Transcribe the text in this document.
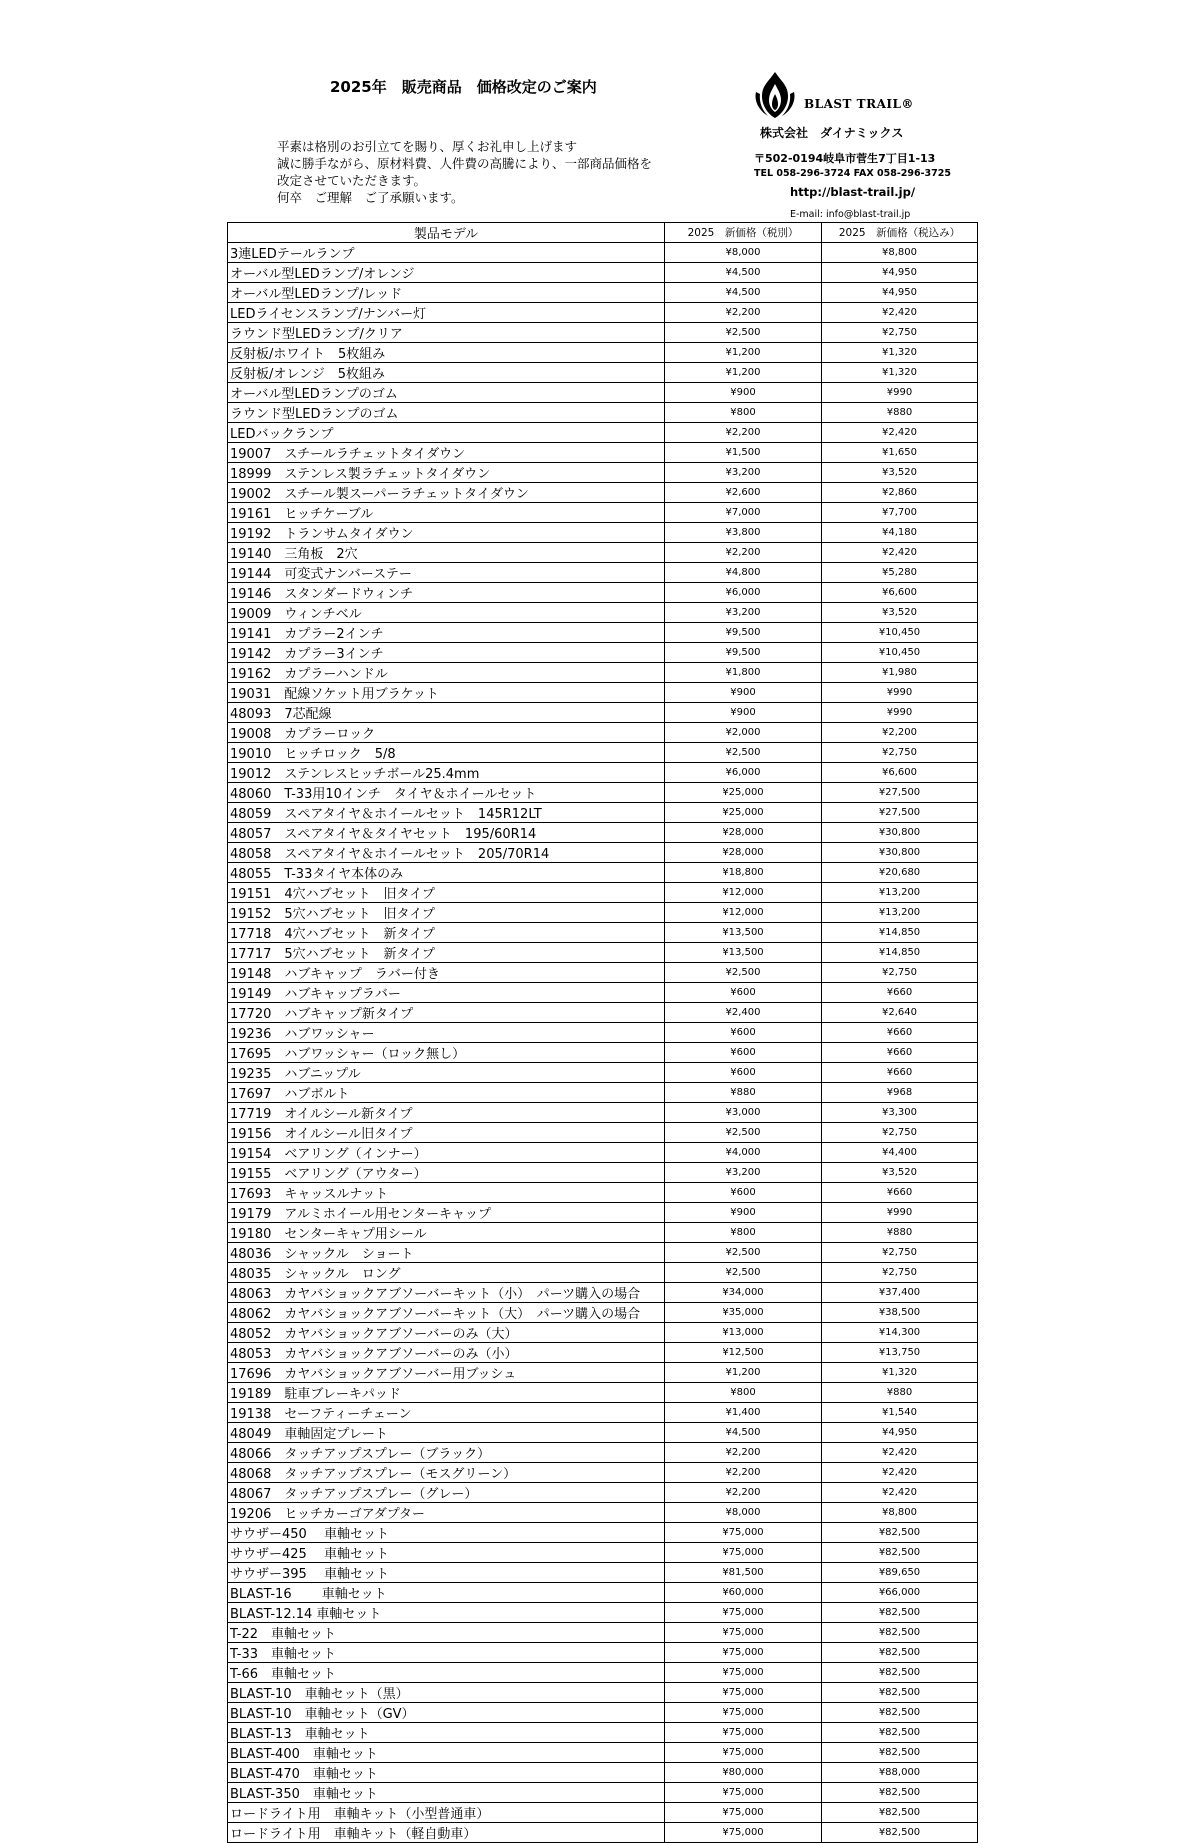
2025年　販売商品　価格改定のご案内
平素は格別のお引立てを賜り、厚くお礼申し上げます
誠に勝手ながら、原材料費、人件費の高騰により、一部商品価格を
改定させていただきます。
何卒　ご理解　ご了承願います。
BLAST TRAIL®
株式会社　ダイナミックス
〒502-0194岐阜市菅生7丁目1-13
TEL 058-296-3724 FAX 058-296-3725
http://blast-trail.jp/
E-mail: info@blast-trail.jp
製品モデル	2025　新価格（税別）	2025　新価格（税込み）
3連LEDテールランプ	¥8,000	¥8,800
オーバル型LEDランプ/オレンジ	¥4,500	¥4,950
オーバル型LEDランプ/レッド	¥4,500	¥4,950
LEDライセンスランプ/ナンバー灯	¥2,200	¥2,420
ラウンド型LEDランプ/クリア	¥2,500	¥2,750
反射板/ホワイト　5枚組み	¥1,200	¥1,320
反射板/オレンジ　5枚組み	¥1,200	¥1,320
オーバル型LEDランプのゴム	¥900	¥990
ラウンド型LEDランプのゴム	¥800	¥880
LEDバックランプ	¥2,200	¥2,420
19007　スチールラチェットタイダウン	¥1,500	¥1,650
18999　ステンレス製ラチェットタイダウン	¥3,200	¥3,520
19002　スチール製スーパーラチェットタイダウン	¥2,600	¥2,860
19161　ヒッチケーブル	¥7,000	¥7,700
19192　トランサムタイダウン	¥3,800	¥4,180
19140　三角板　2穴	¥2,200	¥2,420
19144　可変式ナンバーステー	¥4,800	¥5,280
19146　スタンダードウィンチ	¥6,000	¥6,600
19009　ウィンチベル	¥3,200	¥3,520
19141　カプラー2インチ	¥9,500	¥10,450
19142　カプラー3インチ	¥9,500	¥10,450
19162　カプラーハンドル	¥1,800	¥1,980
19031　配線ソケット用ブラケット	¥900	¥990
48093　7芯配線	¥900	¥990
19008　カプラーロック	¥2,000	¥2,200
19010　ヒッチロック　5/8	¥2,500	¥2,750
19012　ステンレスヒッチボール25.4mm	¥6,000	¥6,600
48060　T-33用10インチ　タイヤ＆ホイールセット	¥25,000	¥27,500
48059　スペアタイヤ＆ホイールセット　145R12LT	¥25,000	¥27,500
48057　スペアタイヤ＆タイヤセット　195/60R14	¥28,000	¥30,800
48058　スペアタイヤ＆ホイールセット　205/70R14	¥28,000	¥30,800
48055　T-33タイヤ本体のみ	¥18,800	¥20,680
19151　4穴ハブセット　旧タイプ	¥12,000	¥13,200
19152　5穴ハブセット　旧タイプ	¥12,000	¥13,200
17718　4穴ハブセット　新タイプ	¥13,500	¥14,850
17717　5穴ハブセット　新タイプ	¥13,500	¥14,850
19148　ハブキャップ　ラバー付き	¥2,500	¥2,750
19149　ハブキャップラバー	¥600	¥660
17720　ハブキャップ新タイプ	¥2,400	¥2,640
19236　ハブワッシャー	¥600	¥660
17695　ハブワッシャー（ロック無し）	¥600	¥660
19235　ハブニップル	¥600	¥660
17697　ハブボルト	¥880	¥968
17719　オイルシール新タイプ	¥3,000	¥3,300
19156　オイルシール旧タイプ	¥2,500	¥2,750
19154　ベアリング（インナー）	¥4,000	¥4,400
19155　ベアリング（アウター）	¥3,200	¥3,520
17693　キャッスルナット	¥600	¥660
19179　アルミホイール用センターキャップ	¥900	¥990
19180　センターキャプ用シール	¥800	¥880
48036　シャックル　ショート	¥2,500	¥2,750
48035　シャックル　ロング	¥2,500	¥2,750
48063　カヤバショックアブソーバーキット（小）　パーツ購入の場合	¥34,000	¥37,400
48062　カヤバショックアブソーバーキット（大）　パーツ購入の場合	¥35,000	¥38,500
48052　カヤバショックアブソーバーのみ（大）	¥13,000	¥14,300
48053　カヤバショックアブソーバーのみ（小）	¥12,500	¥13,750
17696　カヤバショックアブソーバー用ブッシュ	¥1,200	¥1,320
19189　駐車ブレーキパッド	¥800	¥880
19138　セーフティーチェーン	¥1,400	¥1,540
48049　車軸固定プレート	¥4,500	¥4,950
48066　タッチアップスプレー（ブラック）	¥2,200	¥2,420
48068　タッチアップスプレー（モスグリーン）	¥2,200	¥2,420
48067　タッチアップスプレー（グレー）	¥2,200	¥2,420
19206　ヒッチカーゴアダプター	¥8,000	¥8,800
サウザー450　 車軸セット	¥75,000	¥82,500
サウザー425　 車軸セット	¥75,000	¥82,500
サウザー395　 車軸セット	¥81,500	¥89,650
BLAST-16　　 車軸セット	¥60,000	¥66,000
BLAST-12.14 車軸セット	¥75,000	¥82,500
T-22　車軸セット	¥75,000	¥82,500
T-33　車軸セット	¥75,000	¥82,500
T-66　車軸セット	¥75,000	¥82,500
BLAST-10　車軸セット（黒）	¥75,000	¥82,500
BLAST-10　車軸セット（GV）	¥75,000	¥82,500
BLAST-13　車軸セット	¥75,000	¥82,500
BLAST-400　車軸セット	¥75,000	¥82,500
BLAST-470　車軸セット	¥80,000	¥88,000
BLAST-350　車軸セット	¥75,000	¥82,500
ロードライト用　車軸キット（小型普通車）	¥75,000	¥82,500
ロードライト用　車軸キット（軽自動車）	¥75,000	¥82,500
